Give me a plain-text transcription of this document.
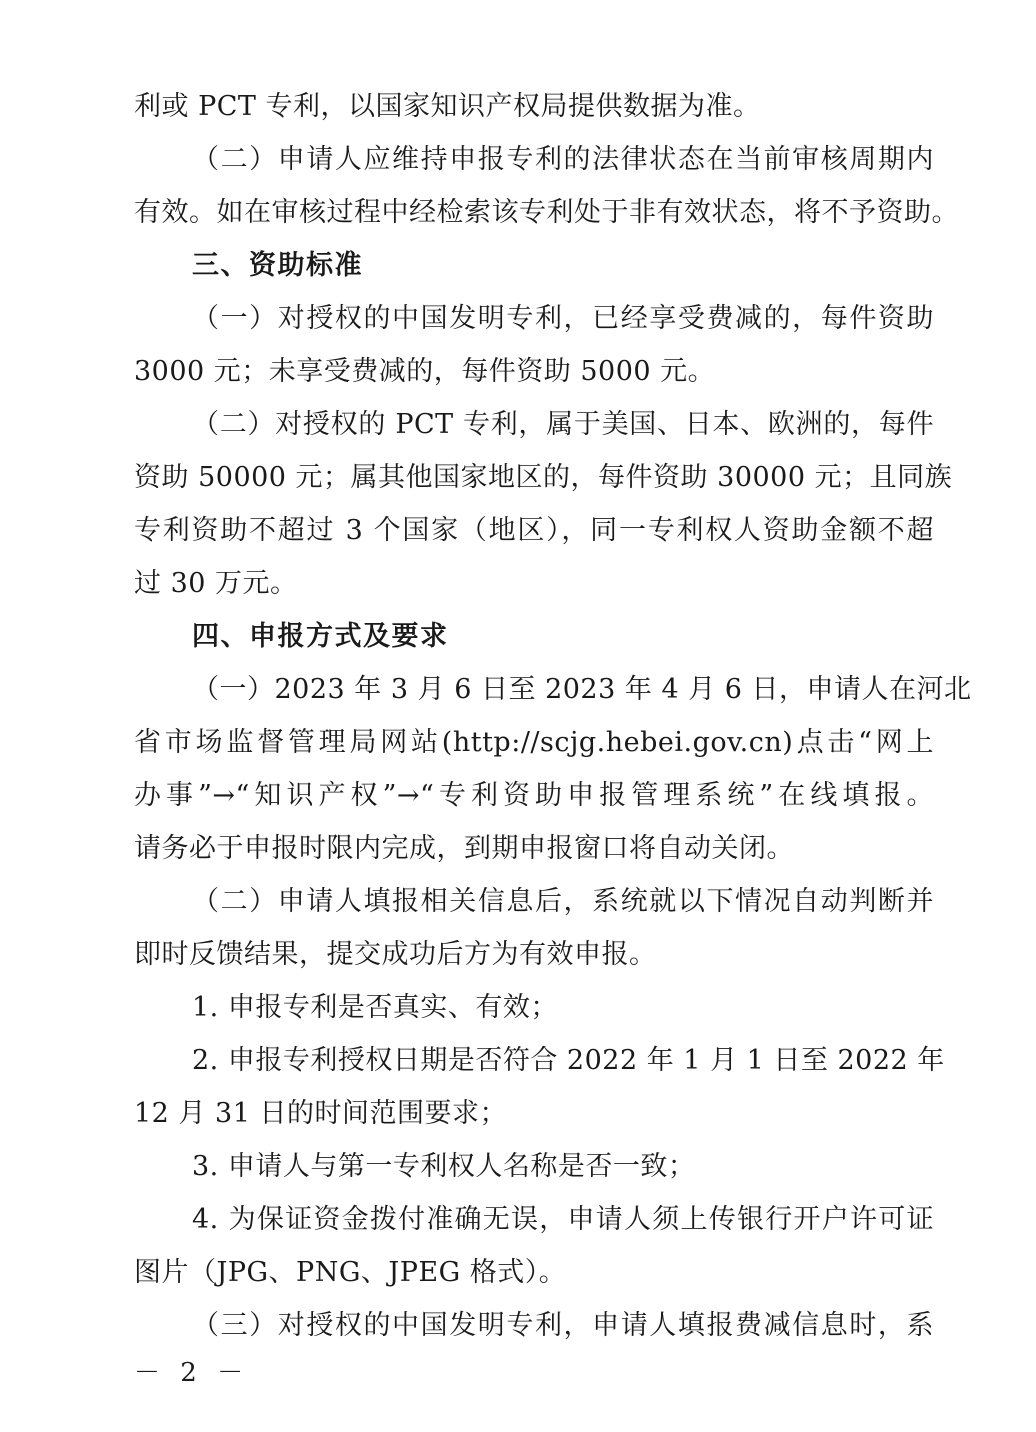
利或 PCT 专利，以国家知识产权局提供数据为准。
（二）申请人应维持申报专利的法律状态在当前审核周期内
有效。如在审核过程中经检索该专利处于非有效状态，将不予资助。
三、资助标准
（一）对授权的中国发明专利，已经享受费减的，每件资助
3000 元；未享受费减的，每件资助 5000 元。
（二）对授权的 PCT 专利，属于美国、日本、欧洲的，每件
资助 50000 元；属其他国家地区的，每件资助 30000 元；且同族
专利资助不超过 3 个国家（地区），同一专利权人资助金额不超
过 30 万元。
四、申报方式及要求
（一）2023 年 3 月 6 日至 2023 年 4 月 6 日，申请人在河北
省市场监督管理局网站(http://scjg.hebei.gov.cn)点击“网上
办事”→“知识产权”→“专利资助申报管理系统”在线填报。
请务必于申报时限内完成，到期申报窗口将自动关闭。
（二）申请人填报相关信息后，系统就以下情况自动判断并
即时反馈结果，提交成功后方为有效申报。
1. 申报专利是否真实、有效；
2. 申报专利授权日期是否符合 2022 年 1 月 1 日至 2022 年
12 月 31 日的时间范围要求；
3. 申请人与第一专利权人名称是否一致；
4. 为保证资金拨付准确无误，申请人须上传银行开户许可证
图片（JPG、PNG、JPEG 格式）。
（三）对授权的中国发明专利，申请人填报费减信息时，系
－ 2 －
